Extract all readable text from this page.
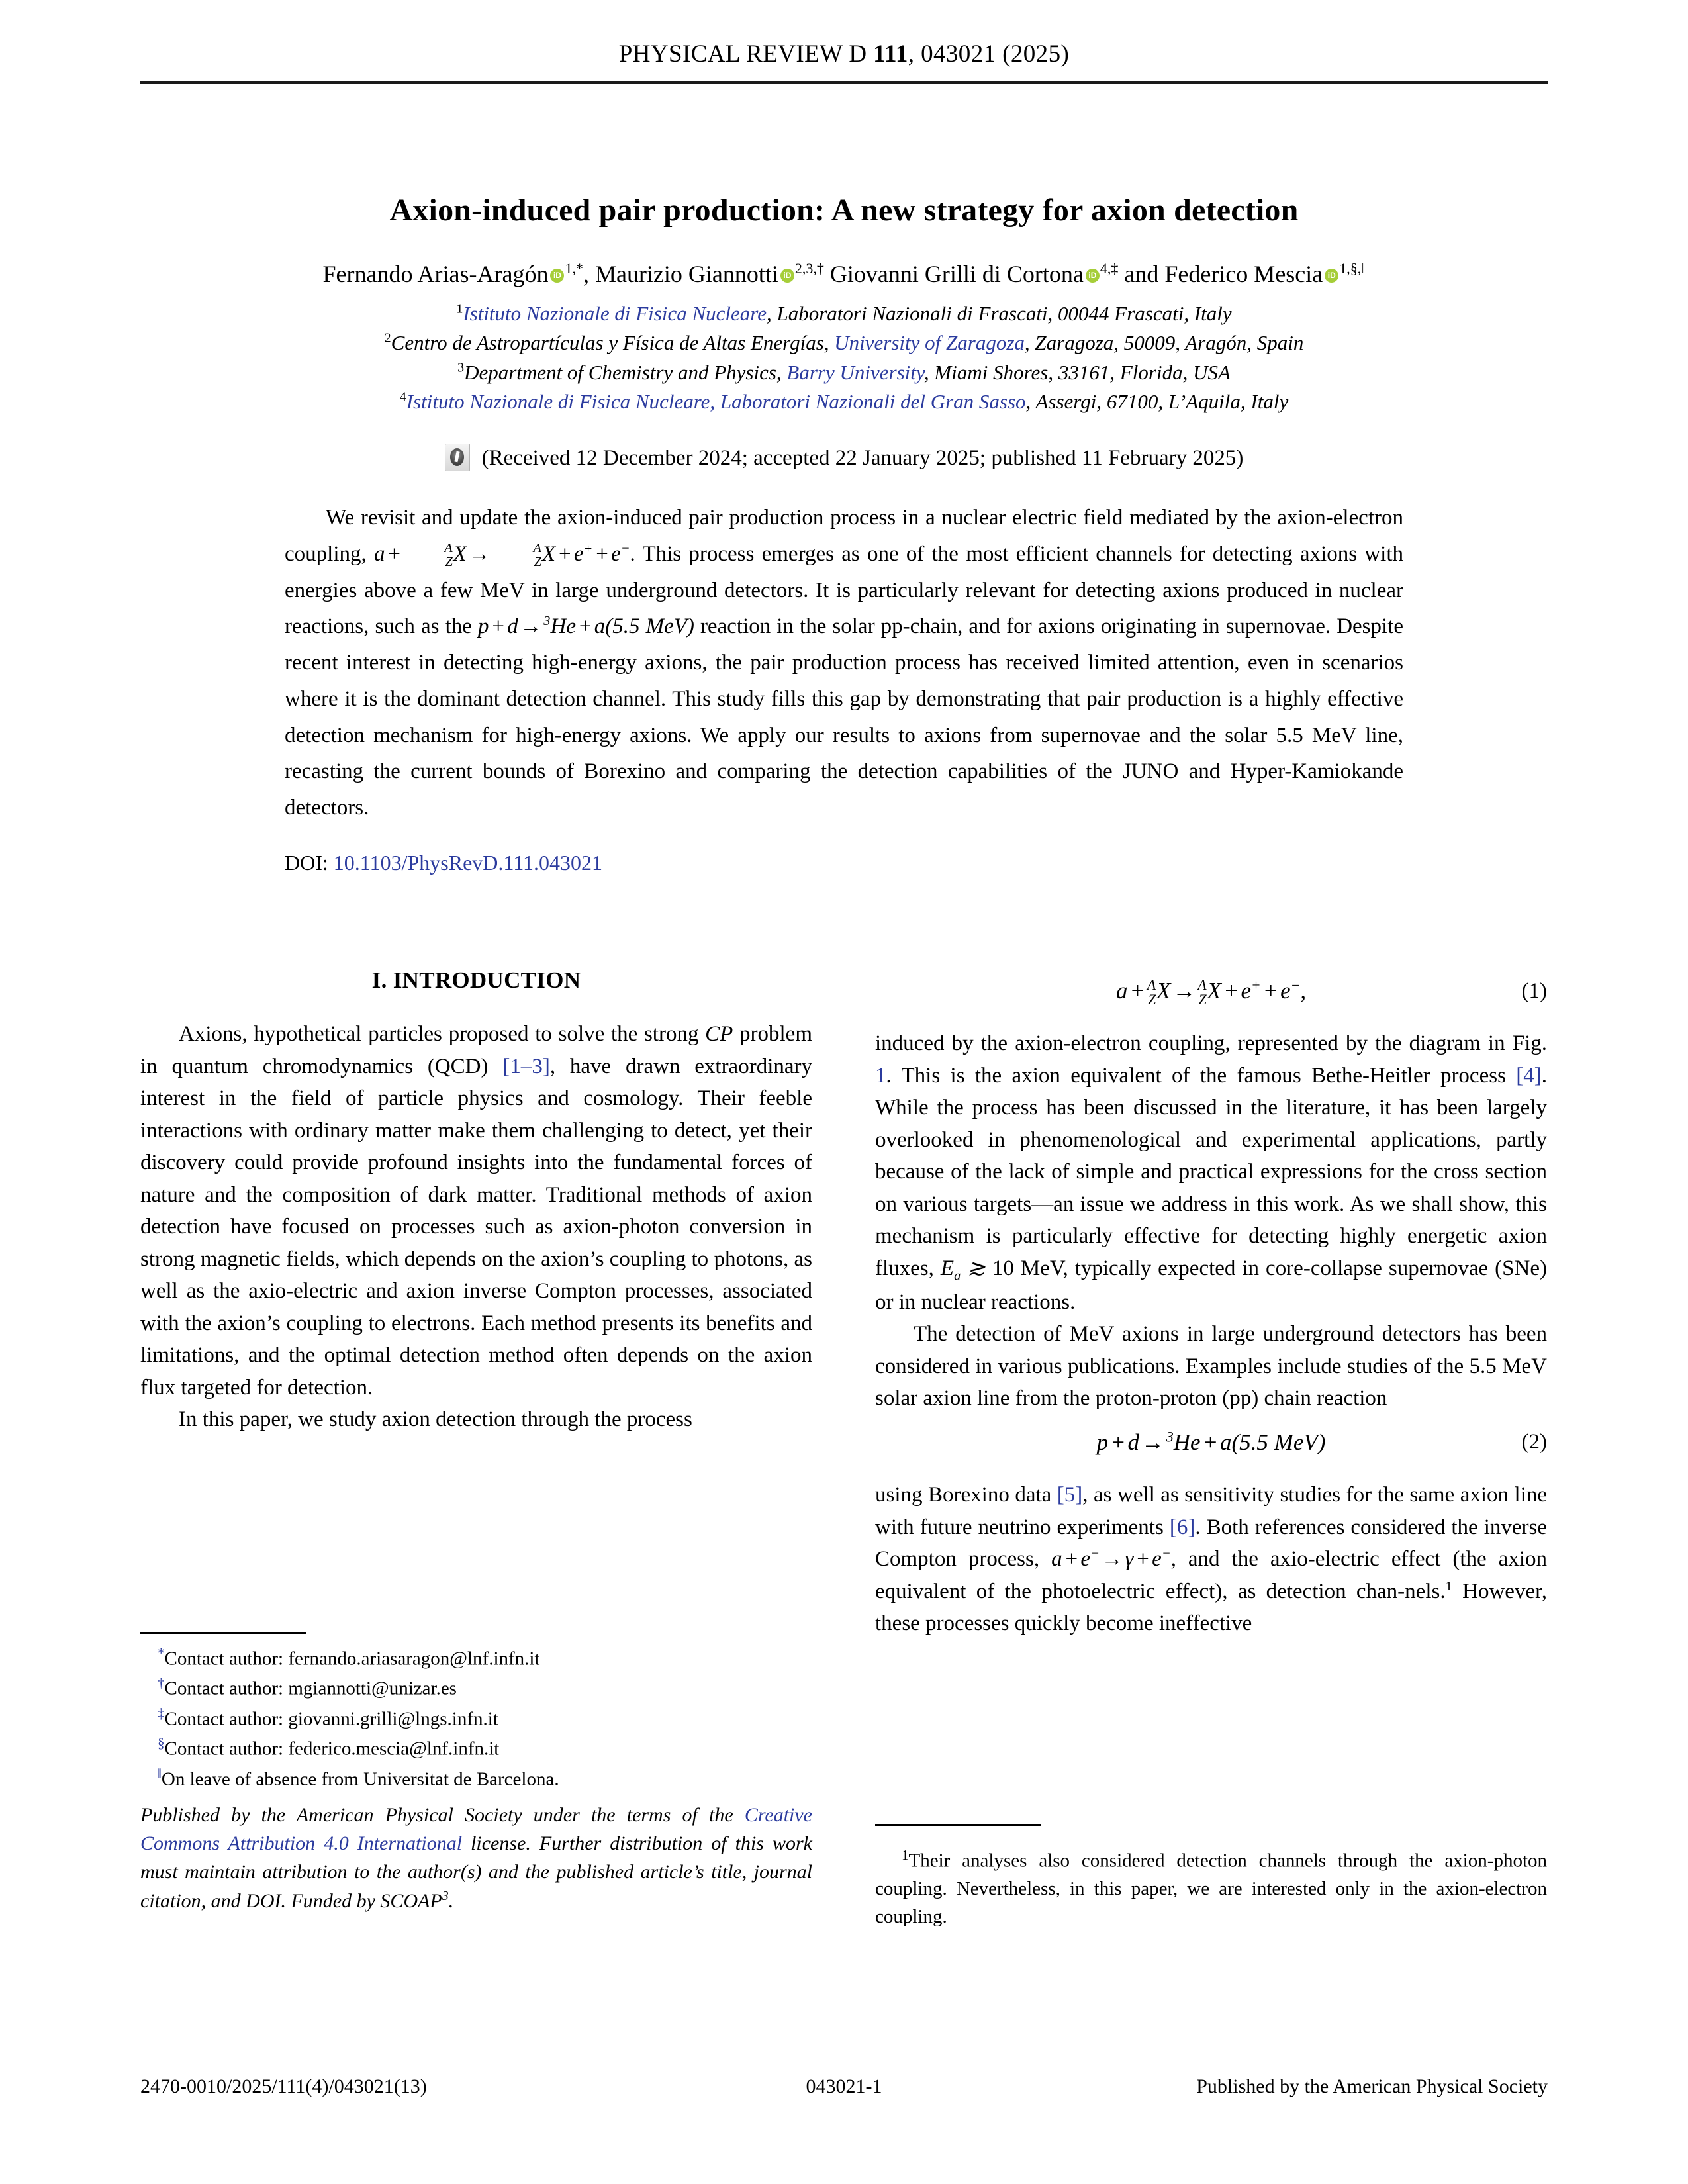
PHYSICAL REVIEW D 111, 043021 (2025)
Axion-induced pair production: A new strategy for axion detection
Fernando Arias-Aragón iD $^{1,*}$, Maurizio Giannotti iD $^{2,3,\dagger}$ Giovanni Grilli di Cortona iD $^{4,\ddagger}$ and Federico Mescia iD $^{1,\S,‖}$
$^1$Istituto Nazionale di Fisica Nucleare, Laboratori Nazionali di Frascati, 00044 Frascati, Italy
$^2$Centro de Astropartículas y Física de Altas Energías, University of Zaragoza, Zaragoza, 50009, Aragón, Spain
$^3$Department of Chemistry and Physics, Barry University, Miami Shores, 33161, Florida, USA
$^4$Istituto Nazionale di Fisica Nucleare, Laboratori Nazionali del Gran Sasso, Assergi, 67100, L’Aquila, Italy
(Received 12 December 2024; accepted 22 January 2025; published 11 February 2025)
We revisit and update the axion-induced pair production process in a nuclear electric field mediated by the axion-electron coupling, a + 	A
Z X → 	A
Z X + e+ + e−. This process emerges as one of the most efficient channels for detecting axions with energies above a few MeV in large underground detectors. It is particularly relevant for detecting axions produced in nuclear reactions, such as the p + d → $^3$He + a(5.5 MeV) reaction in the solar pp-chain, and for axions originating in supernovae. Despite recent interest in detecting high-energy axions, the pair production process has received limited attention, even in scenarios where it is the dominant detection channel. This study fills this gap by demonstrating that pair production is a highly effective detection mechanism for high-energy axions. We apply our results to axions from supernovae and the solar 5.5 MeV line, recasting the current bounds of Borexino and comparing the detection capabilities of the JUNO and Hyper-Kamiokande detectors.
DOI: 10.1103/PhysRevD.111.043021
I. INTRODUCTION

Axions, hypothetical particles proposed to solve the strong CP problem in quantum chromodynamics (QCD) [1–3], have drawn extraordinary interest in the field of particle physics and cosmology. Their feeble interactions with ordinary matter make them challenging to detect, yet their discovery could provide profound insights into the fundamental forces of nature and the composition of dark matter. Traditional methods of axion detection have focused on processes such as axion-photon conversion in strong magnetic fields, which depends on the axion’s coupling to photons, as well as the axio-electric and axion inverse Compton processes, associated with the axion’s coupling to electrons. Each method presents its benefits and limitations, and the optimal detection method often depends on the axion flux targeted for detection.

In this paper, we study axion detection through the process

a +  A
Z X →  A
Z X + e+ + e−,	(1)

induced by the axion-electron coupling, represented by the diagram in Fig. 1. This is the axion equivalent of the famous Bethe-Heitler process [4]. While the process has been discussed in the literature, it has been largely overlooked in phenomenological and experimental applications, partly because of the lack of simple and practical expressions for the cross section on various targets—an issue we address in this work. As we shall show, this mechanism is particularly effective for detecting highly energetic axion fluxes, $E_a$ ≳ 10 MeV, typically expected in core-collapse supernovae (SNe) or in nuclear reactions.

The detection of MeV axions in large underground detectors has been considered in various publications. Examples include studies of the 5.5 MeV solar axion line from the proton-proton (pp) chain reaction

p + d → $^3$He + a(5.5 MeV)	(2)

using Borexino data [5], as well as sensitivity studies for the same axion line with future neutrino experiments [6]. Both references considered the inverse Compton process, a + e− → γ + e−, and the axio-electric effect (the axion equivalent of the photoelectric effect), as detection chan-nels.$^1$ However, these processes quickly become ineffective

*Contact author: fernando.ariasaragon@lnf.infn.it
†Contact author: mgiannotti@unizar.es
‡Contact author: giovanni.grilli@lngs.infn.it
§Contact author: federico.mescia@lnf.infn.it
‖On leave of absence from Universitat de Barcelona.
Published by the American Physical Society under the terms of the Creative Commons Attribution 4.0 International license. Further distribution of this work must maintain attribution to the author(s) and the published article’s title, journal citation, and DOI. Funded by SCOAP$^3$.

$^1$Their analyses also considered detection channels through the axion-photon coupling. Nevertheless, in this paper, we are interested only in the axion-electron coupling.

2470-0010/2025/111(4)/043021(13)	043021-1	Published by the American Physical Society
